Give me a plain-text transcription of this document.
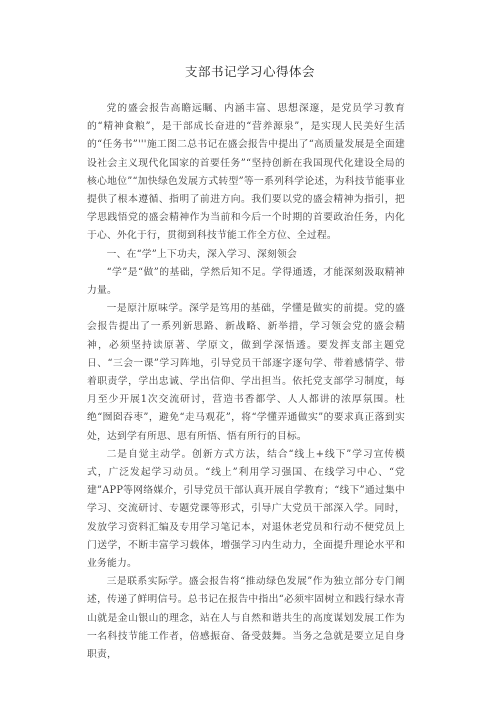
支部书记学习心得体会

党的盛会报告高瞻远瞩、内涵丰富、思想深邃，是党员学习教育的“精神食粮”，是干部成长奋进的“营养源泉”，是实现人民美好生活的“任务书”'''施工图二总书记在盛会报告中提出了“高质量发展是全面建设社会主义现代化国家的首要任务”“坚持创新在我国现代化建设全局的核心地位”“加快绿色发展方式转型”等一系列科学论述，为科技节能事业提供了根本遵循、指明了前进方向。我们要以党的盛会精神为指引，把学思践悟党的盛会精神作为当前和今后一个时期的首要政治任务，内化于心、外化于行，贯彻到科技节能工作全方位、全过程。

一、在“学”上下功夫，深入学习、深刻领会

“学”是“做”的基础，学然后知不足。学得通透，才能深刻汲取精神力量。

一是原汁原味学。深学是笃用的基础，学懂是做实的前提。党的盛会报告提出了一系列新思路、新战略、新举措，学习领会党的盛会精神，必须坚持读原著、学原文，做到学深悟透。要发挥支部主题党日、“三会一课”学习阵地，引导党员干部逐字逐句学、带着感情学、带着职责学，学出忠诚、学出信仰、学出担当。依托党支部学习制度，每月至少开展1次交流研讨，营造书香都学、人人都讲的浓厚氛围。杜绝“囫囵吞枣”，避免“走马观花”，将“学懂弄通做实”的要求真正落到实处，达到学有所思、思有所悟、悟有所行的目标。

二是自觉主动学。创新方式方法，结合“线上+线下”学习宣传模式，广泛发起学习动员。“线上”利用学习强国、在线学习中心、“党建”APP等网络媒介，引导党员干部认真开展自学教育；“线下”通过集中学习、交流研讨、专题党课等形式，引导广大党员干部深入学。同时，发放学习资料汇编及专用学习笔记本，对退休老党员和行动不便党员上门送学，不断丰富学习载体，增强学习内生动力，全面提升理论水平和业务能力。

三是联系实际学。盛会报告将“推动绿色发展”作为独立部分专门阐述，传递了鲜明信号。总书记在报告中指出“必须牢固树立和践行绿水青山就是金山银山的理念，站在人与自然和谐共生的高度谋划发展工作为一名科技节能工作者，倍感振奋、备受鼓舞。当务之急就是要立足自身职责，
